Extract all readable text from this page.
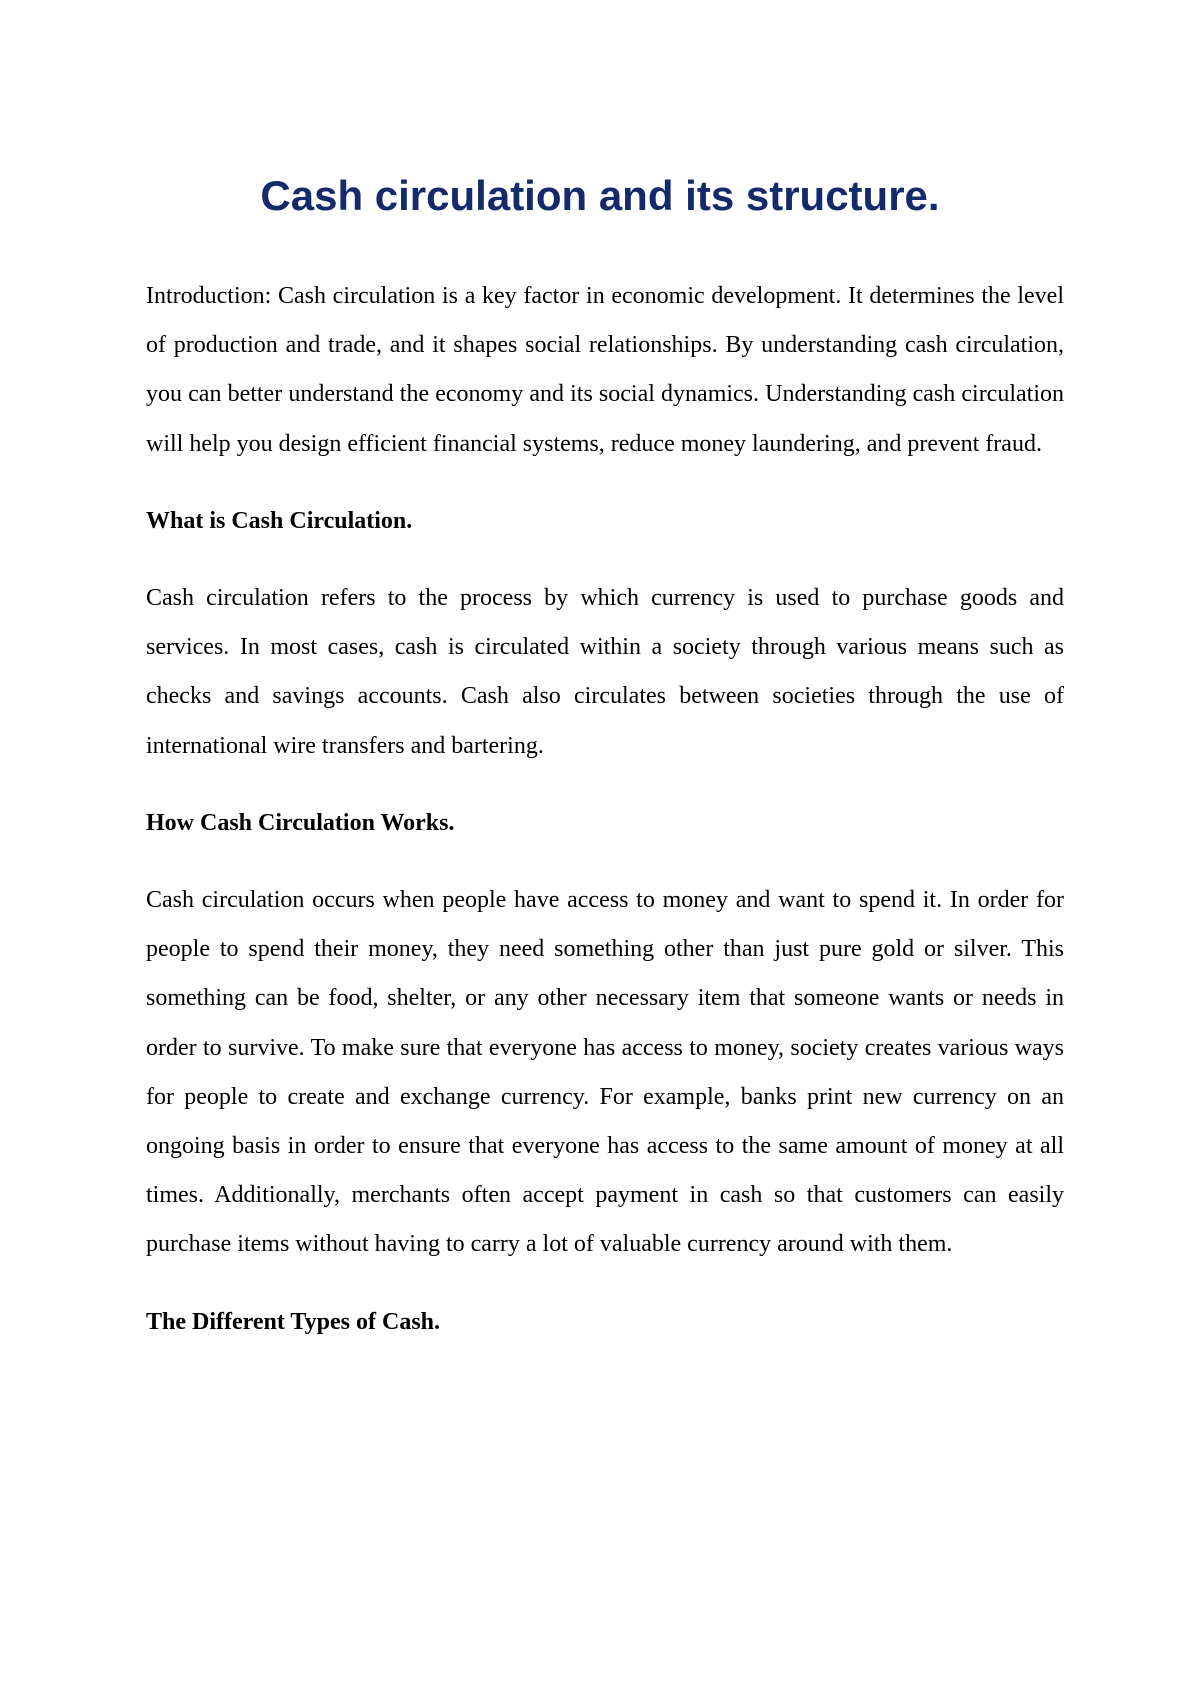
Cash circulation and its structure.

Introduction: Cash circulation is a key factor in economic development. It determines the level of production and trade, and it shapes social relationships. By understanding cash circulation, you can better understand the economy and its social dynamics. Understanding cash circulation will help you design efficient financial systems, reduce money laundering, and prevent fraud.

What is Cash Circulation.

Cash circulation refers to the process by which currency is used to purchase goods and services. In most cases, cash is circulated within a society through various means such as checks and savings accounts. Cash also circulates between societies through the use of international wire transfers and bartering.

How Cash Circulation Works.

Cash circulation occurs when people have access to money and want to spend it. In order for people to spend their money, they need something other than just pure gold or silver. This something can be food, shelter, or any other necessary item that someone wants or needs in order to survive. To make sure that everyone has access to money, society creates various ways for people to create and exchange currency. For example, banks print new currency on an ongoing basis in order to ensure that everyone has access to the same amount of money at all times. Additionally, merchants often accept payment in cash so that customers can easily purchase items without having to carry a lot of valuable currency around with them.

The Different Types of Cash.
